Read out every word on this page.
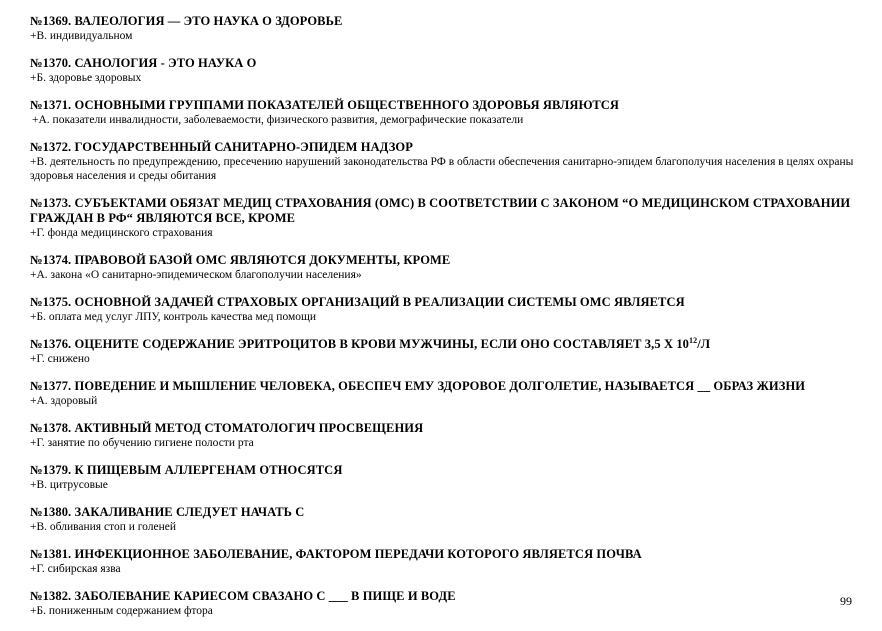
№1369. ВАЛЕОЛОГИЯ — ЭТО НАУКА О ЗДОРОВЬЕ
+В. индивидуальном
№1370. САНОЛОГИЯ - ЭТО НАУКА О
+Б. здоровье здоровых
№1371. ОСНОВНЫМИ ГРУППАМИ ПОКАЗАТЕЛЕЙ ОБЩЕСТВЕННОГО ЗДОРОВЬЯ ЯВЛЯЮТСЯ
+А. показатели инвалидности, заболеваемости, физического развития, демографические показатели
№1372. ГОСУДАРСТВЕННЫЙ САНИТАРНО-ЭПИДЕМ НАДЗОР
+В. деятельность по предупреждению, пресечению нарушений законодательства РФ в области обеспечения санитарно-эпидем благополучия населения в целях охраны здоровья населения и среды обитания
№1373. СУБЪЕКТАМИ ОБЯЗАТ МЕДИЦ СТРАХОВАНИЯ (ОМС) В СООТВЕТСТВИИ С ЗАКОНОМ “О МЕДИЦИНСКОМ СТРАХОВАНИИ ГРАЖДАН В РФ“ ЯВЛЯЮТСЯ ВСЕ, КРОМЕ
+Г. фонда медицинского страхования
№1374. ПРАВОВОЙ БАЗОЙ ОМС ЯВЛЯЮТСЯ ДОКУМЕНТЫ, КРОМЕ
+А. закона «О санитарно-эпидемическом благополучии населения»
№1375. ОСНОВНОЙ ЗАДАЧЕЙ СТРАХОВЫХ ОРГАНИЗАЦИЙ В РЕАЛИЗАЦИИ СИСТЕМЫ ОМС ЯВЛЯЕТСЯ
+Б. оплата мед услуг ЛПУ, контроль качества мед помощи
№1376. ОЦЕНИТЕ СОДЕРЖАНИЕ ЭРИТРОЦИТОВ В КРОВИ МУЖЧИНЫ, ЕСЛИ ОНО СОСТАВЛЯЕТ 3,5 Х $10^{12}/Л$
+Г. снижено
№1377. ПОВЕДЕНИЕ И МЫШЛЕНИЕ ЧЕЛОВЕКА, ОБЕСПЕЧ ЕМУ ЗДОРОВОЕ ДОЛГОЛЕТИЕ, НАЗЫВАЕТСЯ __ ОБРАЗ ЖИЗНИ
+А. здоровый
№1378. АКТИВНЫЙ МЕТОД СТОМАТОЛОГИЧ ПРОСВЕЩЕНИЯ
+Г. занятие по обучению гигиене полости рта
№1379. К ПИЩЕВЫМ АЛЛЕРГЕНАМ ОТНОСЯТСЯ
+В. цитрусовые
№1380. ЗАКАЛИВАНИЕ СЛЕДУЕТ НАЧАТЬ С
+В. обливания стоп и голеней
№1381. ИНФЕКЦИОННОЕ ЗАБОЛЕВАНИЕ, ФАКТОРОМ ПЕРЕДАЧИ КОТОРОГО ЯВЛЯЕТСЯ ПОЧВА
+Г. сибирская язва
№1382. ЗАБОЛЕВАНИЕ КАРИЕСОМ СВАЗАНО С ___ В ПИЩЕ И ВОДЕ
+Б. пониженным содержанием фтора
99
